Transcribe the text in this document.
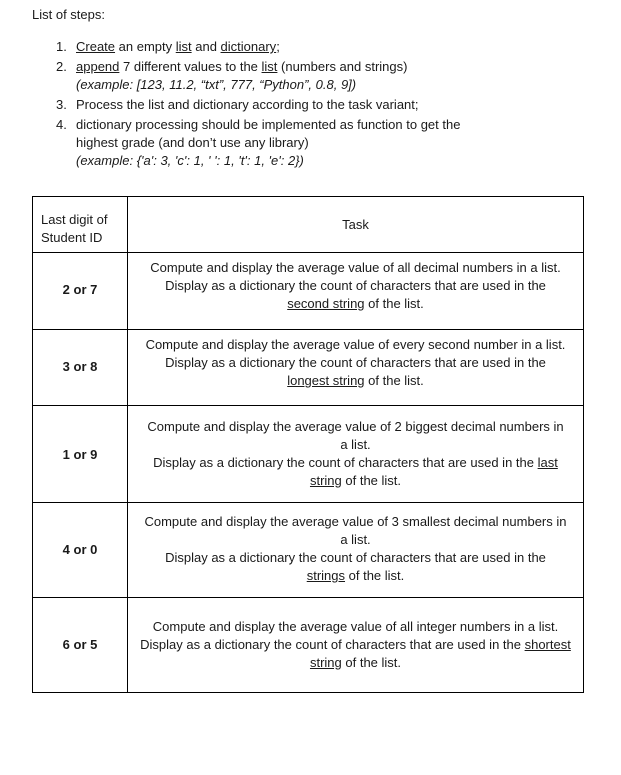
List of steps:
1. Create an empty list and dictionary;
2. append 7 different values to the list (numbers and strings)
(example: [123, 11.2, “txt”, 777, “Python”, 0.8, 9])
3. Process the list and dictionary according to the task variant;
4. dictionary processing should be implemented as function to get the
highest grade (and don’t use any library)
(example: {'a': 3, 'c': 1, ' ': 1, 't': 1, 'e': 2})
Last digit of
Student ID	Task

2 or 7	Compute and display the average value of all decimal numbers in a list.
Display as a dictionary the count of characters that are used in the
second string of the list.

3 or 8	Compute and display the average value of every second number in a list.
Display as a dictionary the count of characters that are used in the
longest string of the list.

1 or 9	Compute and display the average value of 2 biggest decimal numbers in
a list.
Display as a dictionary the count of characters that are used in the last
string of the list.

4 or 0	Compute and display the average value of 3 smallest decimal numbers in
a list.
Display as a dictionary the count of characters that are used in the
strings of the list.

6 or 5	Compute and display the average value of all integer numbers in a list.
Display as a dictionary the count of characters that are used in the shortest
string of the list.
